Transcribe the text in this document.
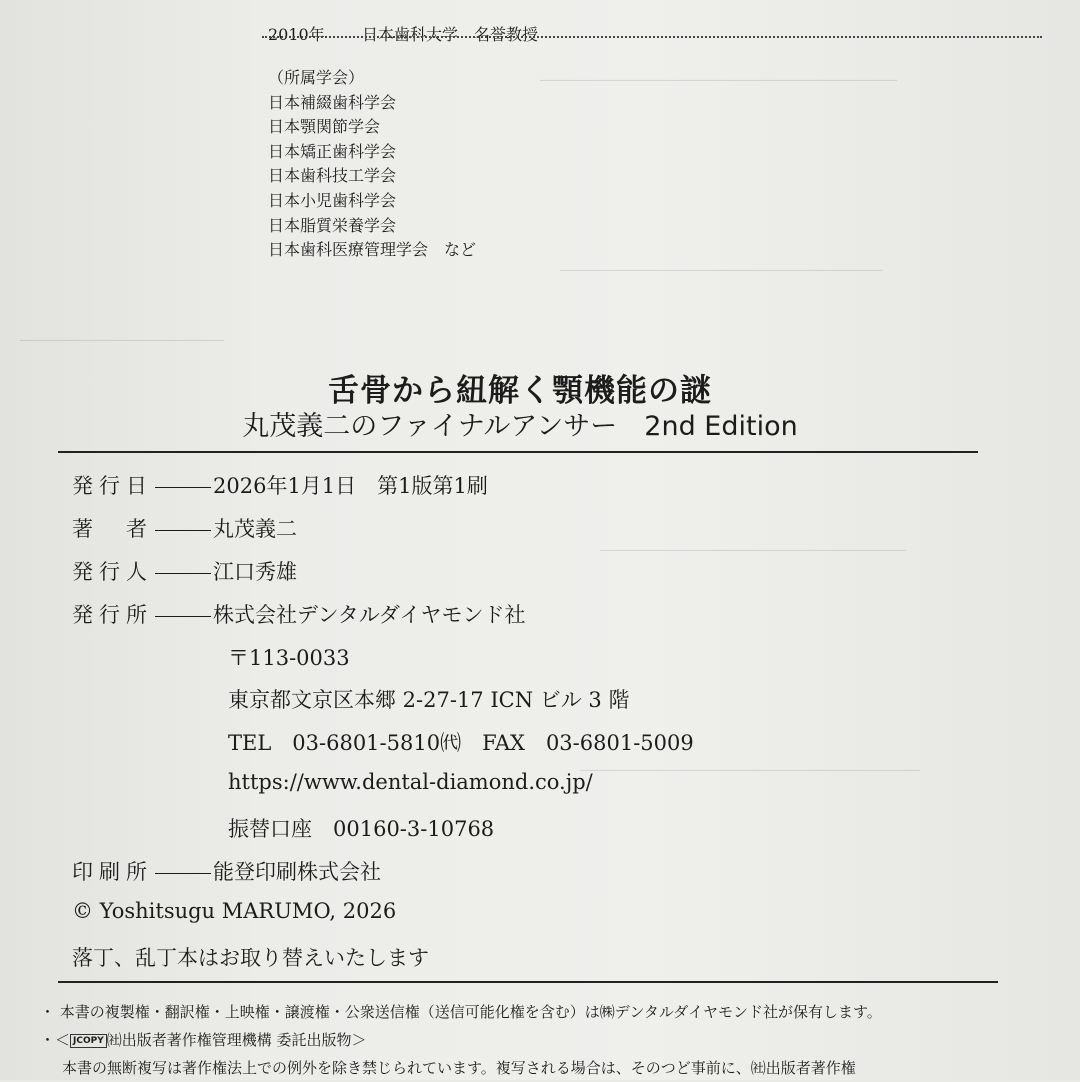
―――――――――――――――――――――
―――――――――――――――――――
――――――――――――
――――――――――――――――――
――――――――――――――――――――

2010年	日本歯科大学　名誉教授
（所属学会）
日本補綴歯科学会
日本顎関節学会
日本矯正歯科学会
日本歯科技工学会
日本小児歯科学会
日本脂質栄養学会
日本歯科医療管理学会　など
舌骨から紐解く顎機能の謎
丸茂義二のファイナルアンサー　2nd Edition
発行日	2026年1月1日　第1版第1刷
著　者	丸茂義二
発行人	江口秀雄
発行所	株式会社デンタルダイヤモンド社
〒113-0033
東京都文京区本郷 2-27-17 ICN ビル 3 階
TEL　03-6801-5810㈹　FAX　03-6801-5009
https://www.dental-diamond.co.jp/
振替口座　00160-3-10768
印刷所	能登印刷株式会社
© Yoshitsugu MARUMO, 2026
落丁、乱丁本はお取り替えいたします
・ 本書の複製権・翻訳権・上映権・譲渡権・公衆送信権（送信可能化権を含む）は㈱デンタルダイヤモンド社が保有します。
・＜ JCOPY ㈳出版者著作権管理機構 委託出版物＞
本書の無断複写は著作権法上での例外を除き禁じられています。複写される場合は、そのつど事前に、㈳出版者著作権
